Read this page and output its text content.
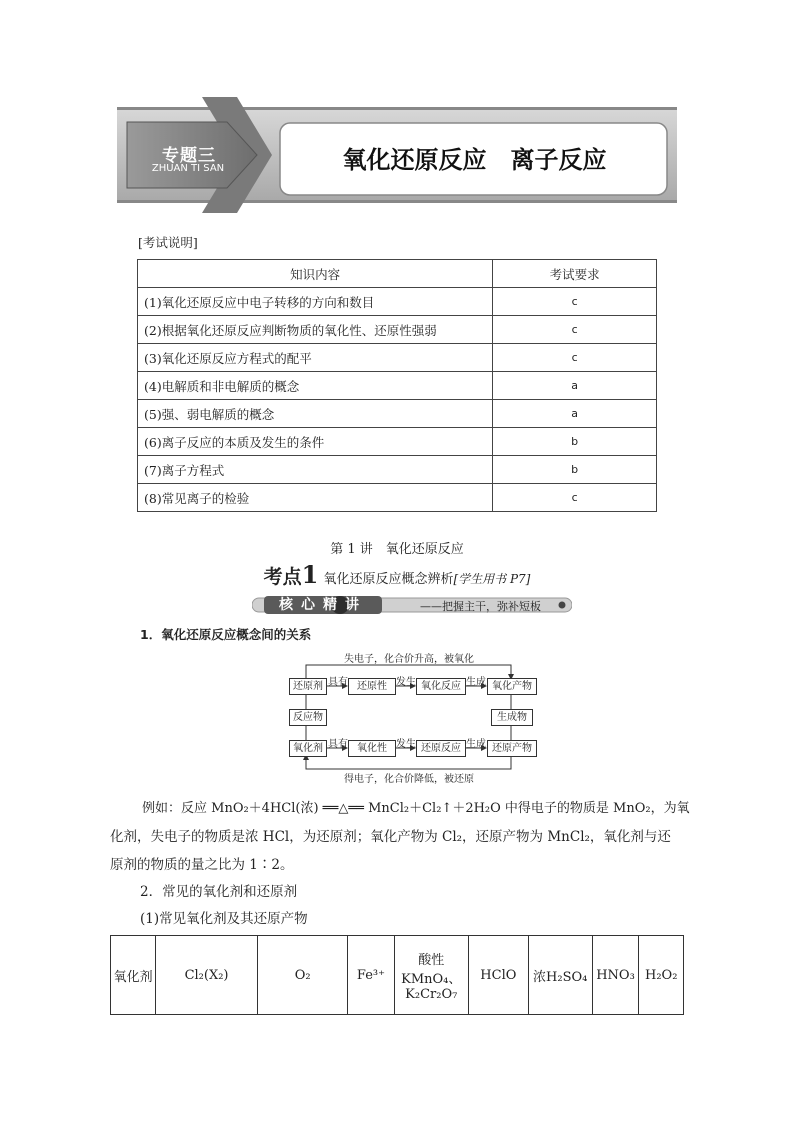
专题三
ZHUAN TI SAN	氧化还原反应　离子反应
[考试说明]
知识内容	考试要求
(1)氧化还原反应中电子转移的方向和数目	c
(2)根据氧化还原反应判断物质的氧化性、还原性强弱	c
(3)氧化还原反应方程式的配平	c
(4)电解质和非电解质的概念	a
(5)强、弱电解质的概念	a
(6)离子反应的本质及发生的条件	b
(7)离子方程式	b
(8)常见离子的检验	c
第 1 讲　氧化还原反应
考点1 氧化还原反应概念辨析[学生用书 P7]
核心精讲	——把握主干，弥补短板
1．氧化还原反应概念间的关系
失电子，化合价升高，被氧化
得电子，化合价降低，被还原
还原剂	还原性	氧化反应	氧化产物
氧化剂	氧化性	还原反应	还原产物
反应物	生成物
具有	发生	生成
具有	发生	生成
例如：反应 MnO₂＋4HCl(浓) ══△══ MnCl₂＋Cl₂↑＋2H₂O 中得电子的物质是 MnO₂，为氧
化剂，失电子的物质是浓 HCl，为还原剂；氧化产物为 Cl₂，还原产物为 MnCl₂，氧化剂与还
原剂的物质的量之比为 1∶2。
2．常见的氧化剂和还原剂
(1)常见氧化剂及其还原产物
氧化剂	Cl₂(X₂)	O₂	Fe³⁺	酸性KMnO₄、K₂Cr₂O₇	HClO	浓H₂SO₄	HNO₃	H₂O₂
